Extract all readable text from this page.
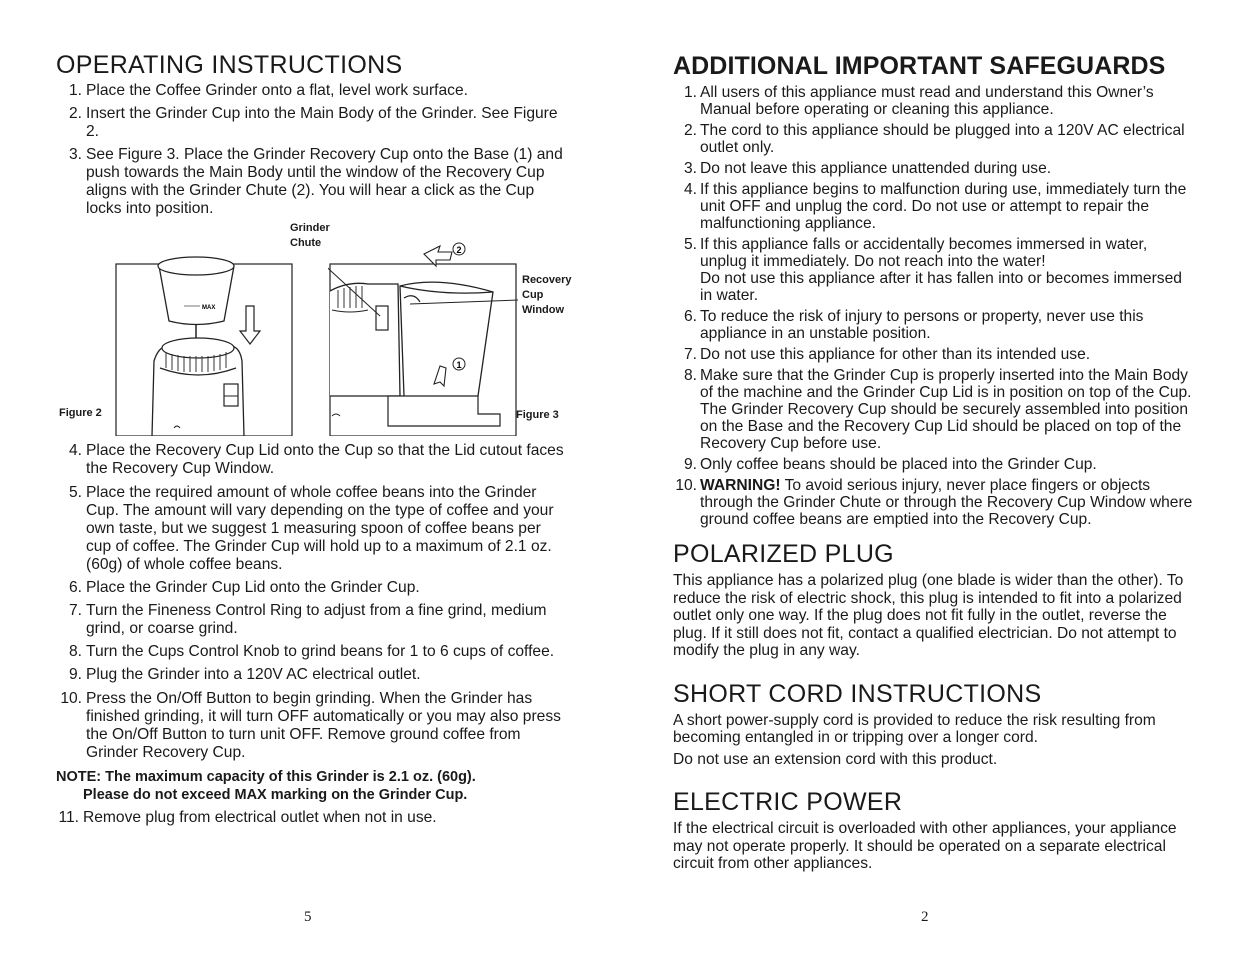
OPERATING INSTRUCTIONS
1. Place the Coffee Grinder onto a flat, level work surface.
2. Insert the Grinder Cup into the Main Body of the Grinder. See Figure 2.
3. See Figure 3. Place the Grinder Recovery Cup onto the Base (1) and push towards the Main Body until the window of the Recovery Cup aligns with the Grinder Chute (2). You will hear a click as the Cup locks into position.
MAX
Figure 2
2
1
Grinder
Chute
Recovery
Cup
Window
Figure 3
4. Place the Recovery Cup Lid onto the Cup so that the Lid cutout faces the Recovery Cup Window.
5. Place the required amount of whole coffee beans into the Grinder Cup. The amount will vary depending on the type of coffee and your own taste, but we suggest 1 measuring spoon of coffee beans per cup of coffee. The Grinder Cup will hold up to a maximum of 2.1 oz. (60g) of whole coffee beans.
6. Place the Grinder Cup Lid onto the Grinder Cup.
7. Turn the Fineness Control Ring to adjust from a fine grind, medium grind, or coarse grind.
8. Turn the Cups Control Knob to grind beans for 1 to 6 cups of coffee.
9. Plug the Grinder into a 120V AC electrical outlet.
10. Press the On/Off Button to begin grinding. When the Grinder has finished grinding, it will turn OFF automatically or you may also press the On/Off Button to turn unit OFF. Remove ground coffee from Grinder Recovery Cup.
NOTE: The maximum capacity of this Grinder is 2.1 oz. (60g).
Please do not exceed MAX marking on the Grinder Cup.
11. Remove plug from electrical outlet when not in use.
5
ADDITIONAL IMPORTANT SAFEGUARDS
1. All users of this appliance must read and understand this Owner’s Manual before operating or cleaning this appliance.
2. The cord to this appliance should be plugged into a 120V AC electrical outlet only.
3. Do not leave this appliance unattended during use.
4. If this appliance begins to malfunction during use, immediately turn the unit OFF and unplug the cord. Do not use or attempt to repair the malfunctioning appliance.
5. If this appliance falls or accidentally becomes immersed in water, unplug it immediately. Do not reach into the water!
Do not use this appliance after it has fallen into or becomes immersed in water.
6. To reduce the risk of injury to persons or property, never use this appliance in an unstable position.
7. Do not use this appliance for other than its intended use.
8. Make sure that the Grinder Cup is properly inserted into the Main Body of the machine and the Grinder Cup Lid is in position on top of the Cup. The Grinder Recovery Cup should be securely assembled into position on the Base and the Recovery Cup Lid should be placed on top of the Recovery Cup before use.
9. Only coffee beans should be placed into the Grinder Cup.
10. WARNING! To avoid serious injury, never place fingers or objects through the Grinder Chute or through the Recovery Cup Window where ground coffee beans are emptied into the Recovery Cup.
POLARIZED PLUG

This appliance has a polarized plug (one blade is wider than the other). To reduce the risk of electric shock, this plug is intended to fit into a polarized outlet only one way. If the plug does not fit fully in the outlet, reverse the plug. If it still does not fit, contact a qualified electrician. Do not attempt to modify the plug in any way.

SHORT CORD INSTRUCTIONS

A short power-supply cord is provided to reduce the risk resulting from becoming entangled in or tripping over a longer cord.

Do not use an extension cord with this product.

ELECTRIC POWER

If the electrical circuit is overloaded with other appliances, your appliance may not operate properly. It should be operated on a separate electrical circuit from other appliances.

2
